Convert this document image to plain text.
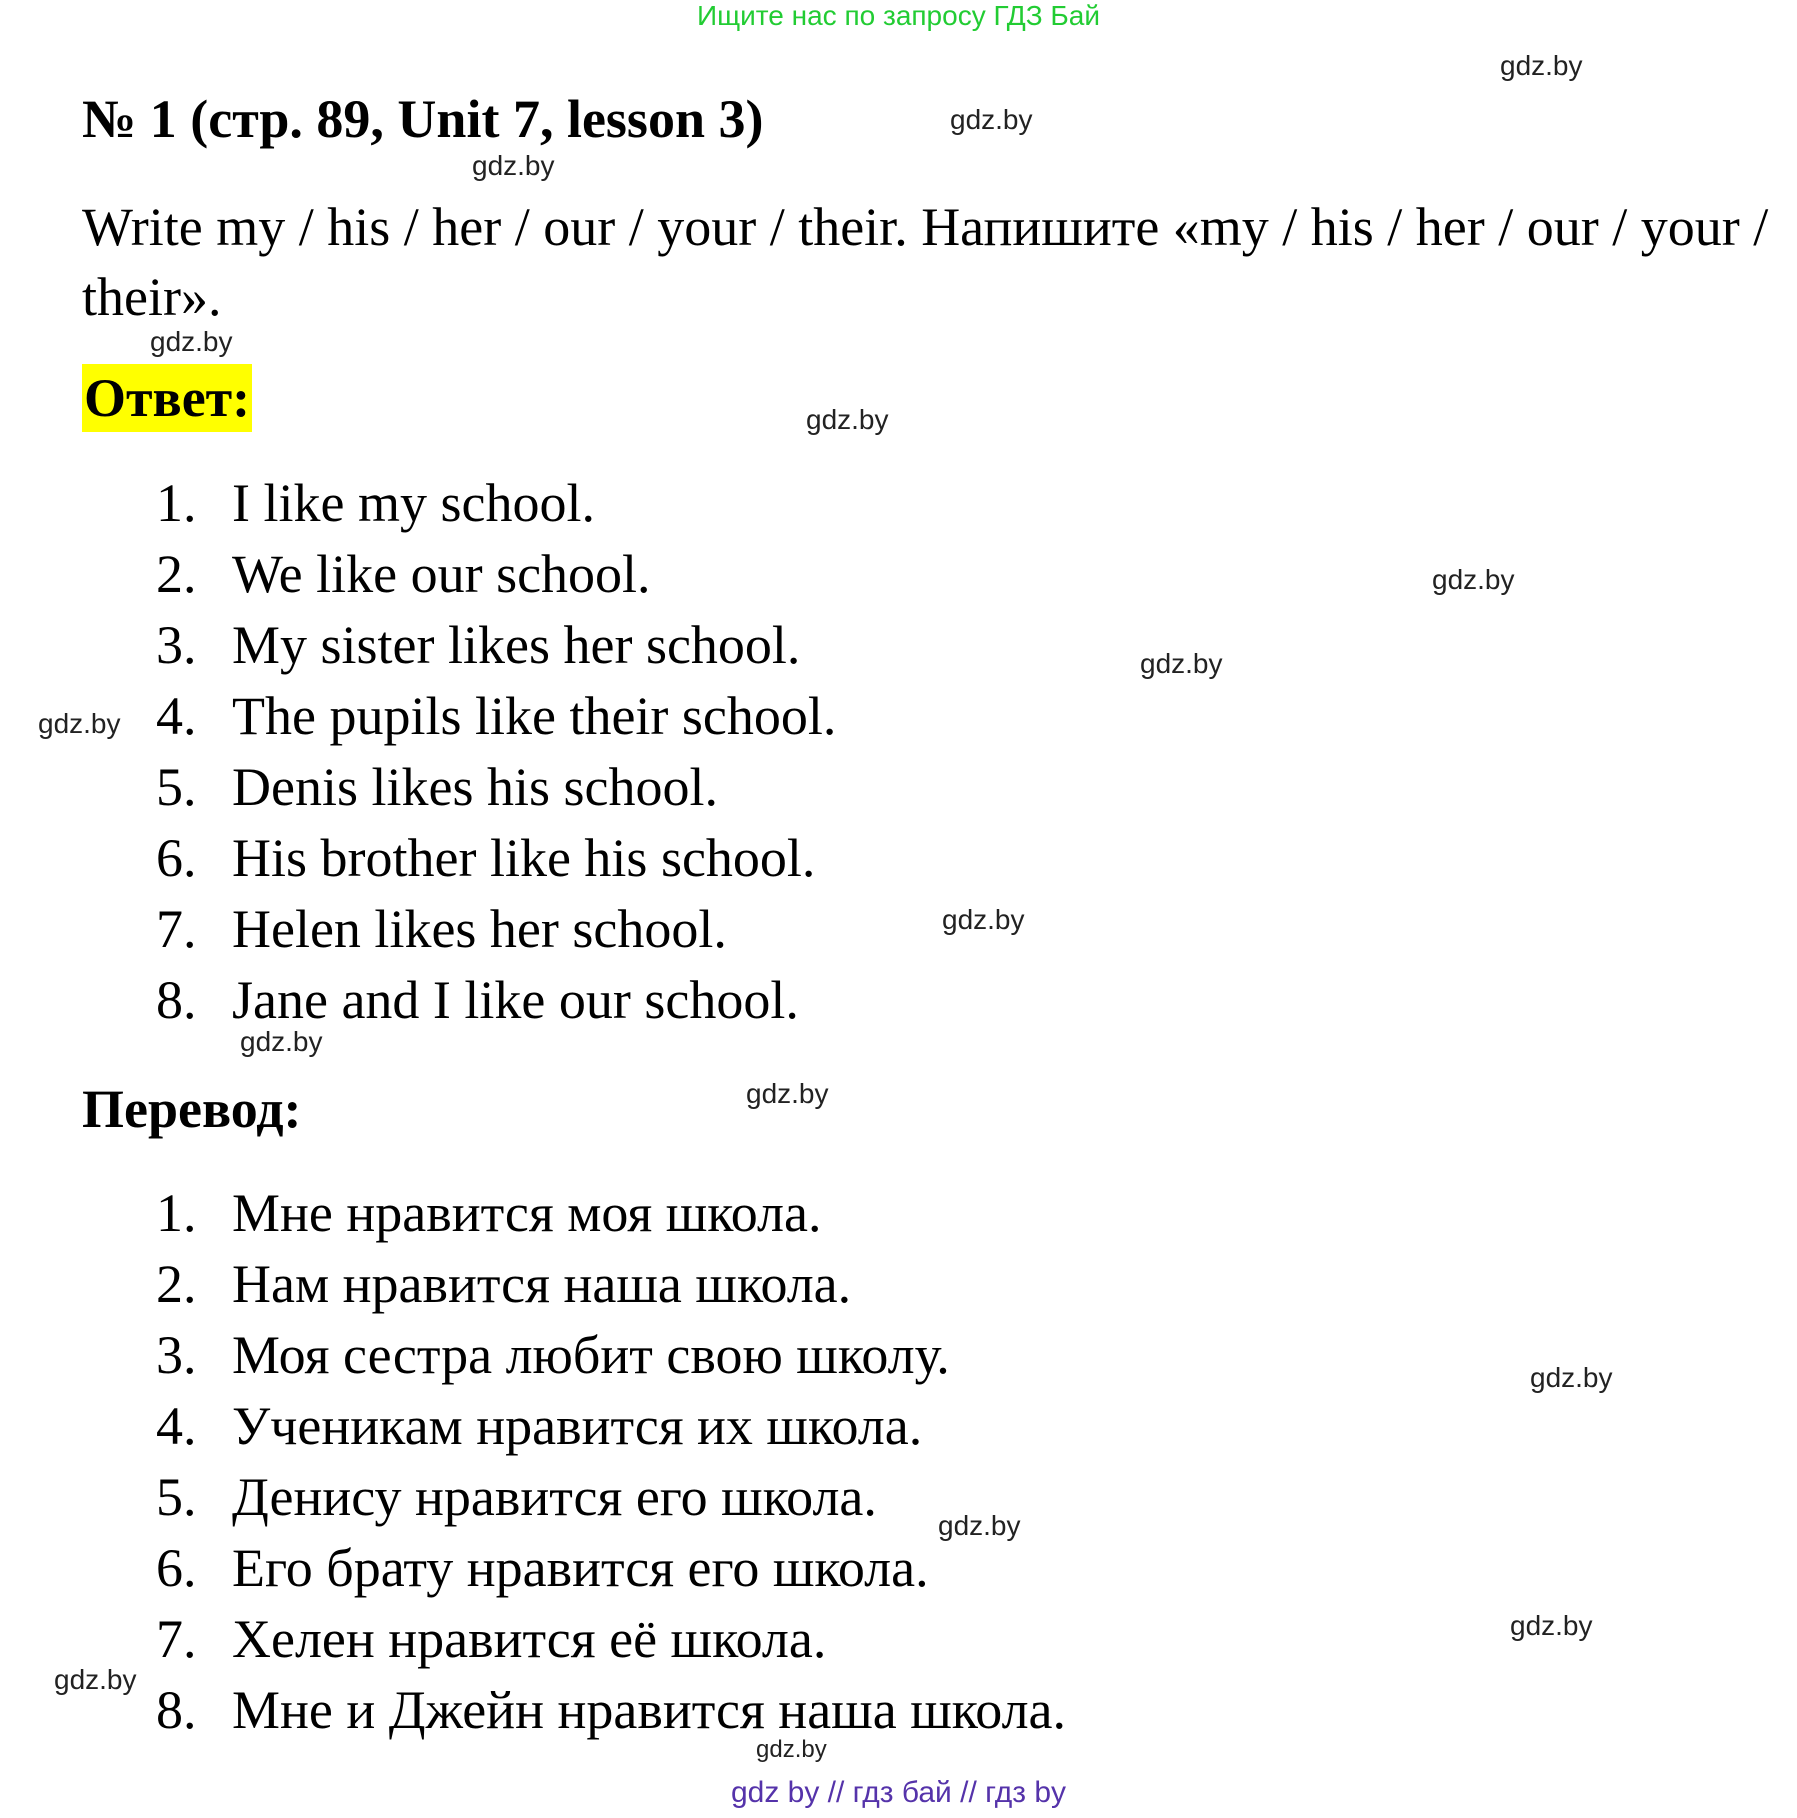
Ищите нас по запросу ГДЗ Бай
gdz.by
gdz.by
gdz.by
gdz.by
gdz.by
gdz.by
gdz.by
gdz.by
gdz.by
gdz.by
gdz.by
gdz.by
gdz.by
gdz.by
gdz.by
gdz.by
№ 1 (стр. 89, Unit 7, lesson 3)
Write my / his / her / our / your / their. Напишите «my / his / her / our / your / their».
Ответ:
1. I like my school.
2. We like our school.
3. My sister likes her school.
4. The pupils like their school.
5. Denis likes his school.
6. His brother like his school.
7. Helen likes her school.
8. Jane and I like our school.
Перевод:
1. Мне нравится моя школа.
2. Нам нравится наша школа.
3. Моя сестра любит свою школу.
4. Ученикам нравится их школа.
5. Денису нравится его школа.
6. Его брату нравится его школа.
7. Хелен нравится её школа.
8. Мне и Джейн нравится наша школа.
gdz by // гдз бай // гдз by
